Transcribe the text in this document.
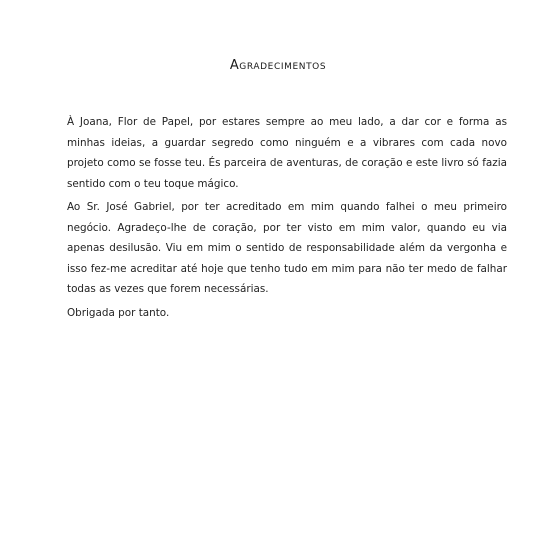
Agradecimentos

À Joana, Flor de Papel, por estares sempre ao meu lado, a dar cor e forma as minhas ideias, a guardar segredo como ninguém e a vibrares com cada novo projeto como se fosse teu. És parceira de aventuras, de coração e este livro só fazia sentido com o teu toque mágico.

Ao Sr. José Gabriel, por ter acreditado em mim quando falhei o meu primeiro negócio. Agradeço-lhe de coração, por ter visto em mim valor, quando eu via apenas desilusão. Viu em mim o sentido de responsabilidade além da vergonha e isso fez-me acreditar até hoje que tenho tudo em mim para não ter medo de falhar todas as vezes que forem necessárias.

Obrigada por tanto.
